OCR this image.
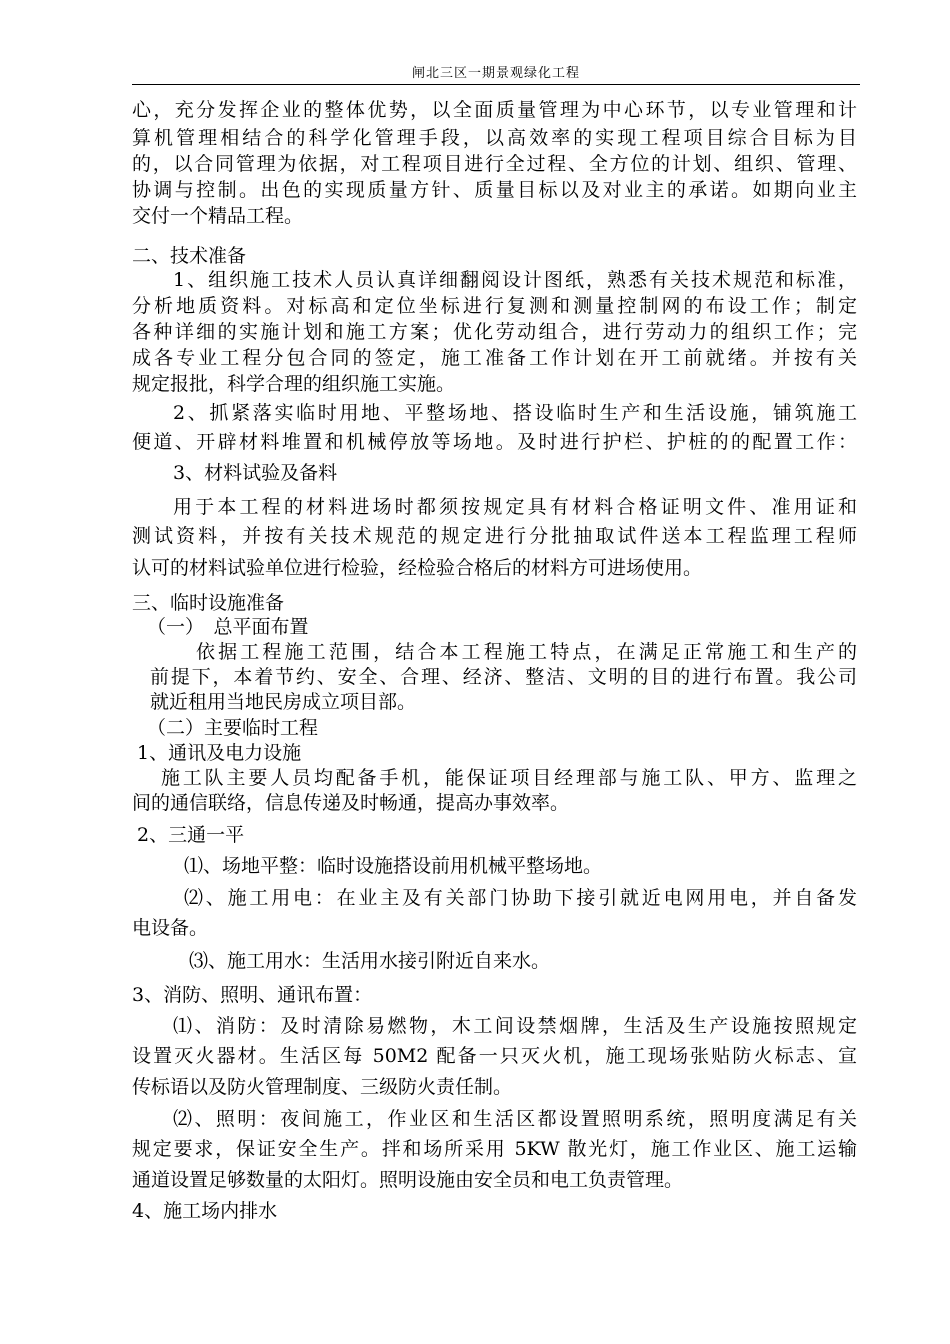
闸北三区一期景观绿化工程
心，充分发挥企业的整体优势，以全面质量管理为中心环节，以专业管理和计
算机管理相结合的科学化管理手段，以高效率的实现工程项目综合目标为目
的，以合同管理为依据，对工程项目进行全过程、全方位的计划、组织、管理、
协调与控制。出色的实现质量方针、质量目标以及对业主的承诺。如期向业主
交付一个精品工程。
二、技术准备
1、组织施工技术人员认真详细翻阅设计图纸，熟悉有关技术规范和标准，
分析地质资料。对标高和定位坐标进行复测和测量控制网的布设工作；制定
各种详细的实施计划和施工方案；优化劳动组合，进行劳动力的组织工作；完
成各专业工程分包合同的签定，施工准备工作计划在开工前就绪。并按有关
规定报批，科学合理的组织施工实施。
2、抓紧落实临时用地、平整场地、搭设临时生产和生活设施，铺筑施工
便道、开辟材料堆置和机械停放等场地。及时进行护栏、护桩的的配置工作：
3、材料试验及备料
用于本工程的材料进场时都须按规定具有材料合格证明文件、准用证和
测试资料，并按有关技术规范的规定进行分批抽取试件送本工程监理工程师
认可的材料试验单位进行检验，经检验合格后的材料方可进场使用。
三、临时设施准备
（一）　总平面布置
依据工程施工范围，结合本工程施工特点，在满足正常施工和生产的
前提下，本着节约、安全、合理、经济、整洁、文明的目的进行布置。我公司
就近租用当地民房成立项目部。
（二）主要临时工程
1、通讯及电力设施
施工队主要人员均配备手机，能保证项目经理部与施工队、甲方、监理之
间的通信联络，信息传递及时畅通，提高办事效率。
2、三通一平
⑴、场地平整：临时设施搭设前用机械平整场地。
⑵、施工用电：在业主及有关部门协助下接引就近电网用电，并自备发
电设备。
⑶、施工用水：生活用水接引附近自来水。
3、消防、照明、通讯布置：
⑴、消防：及时清除易燃物，木工间设禁烟牌，生活及生产设施按照规定
设置灭火器材。生活区每 50M2 配备一只灭火机，施工现场张贴防火标志、宣
传标语以及防火管理制度、三级防火责任制。
⑵、照明：夜间施工，作业区和生活区都设置照明系统，照明度满足有关
规定要求，保证安全生产。拌和场所采用 5KW 散光灯，施工作业区、施工运输
通道设置足够数量的太阳灯。照明设施由安全员和电工负责管理。
4、施工场内排水
